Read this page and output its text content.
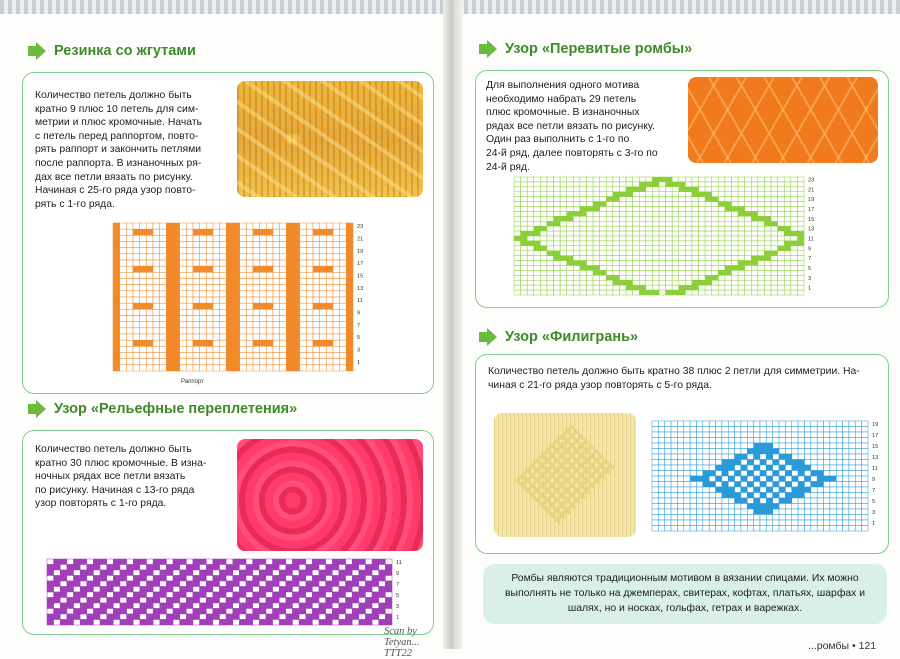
Резинка со жгутами
Количество петель должно быть
кратно 9 плюс 10 петель для сим-
метрии и плюс кромочные. Начать
с петель перед раппортом, повто-
рять раппорт и закончить петлями
после раппорта. В изнаночных ря-
дах все петли вязать по рисунку.
Начиная с 25-го ряда узор повто-
рять с 1-го ряда.
23
21
19
17
15
13
11
9
7
5
3
1
Раппорт
Узор «Рельефные переплетения»
Количество петель должно быть
кратно 30 плюс кромочные. В изна-
ночных рядах все петли вязать
по рисунку. Начиная с 13-го ряда
узор повторять с 1-го ряда.
11
9
7
5
3
1
Scan by Tetyan... TTT22
Узор «Перевитые ромбы»
Для выполнения одного мотива
необходимо набрать 29 петель
плюс кромочные. В изнаночных
рядах все петли вязать по рисунку.
Один раз выполнить с 1-го по
24-й ряд, далее повторять с 3-го по
24-й ряд.
23
21
19
17
15
13
11
9
7
5
3
1
Узор «Филигрань»
Количество петель должно быть кратно 38 плюс 2 петли для симметрии. На-
чиная с 21-го ряда узор повторять с 5-го ряда.
19
17
15
13
11
9
7
5
3
1
Ромбы являются традиционным мотивом в вязании спицами. Их можно выполнять не только на джемперах, свитерах, кофтах, платьях, шарфах и шалях, но и носках, гольфах, гетрах и варежках.
...ромбы • 121
